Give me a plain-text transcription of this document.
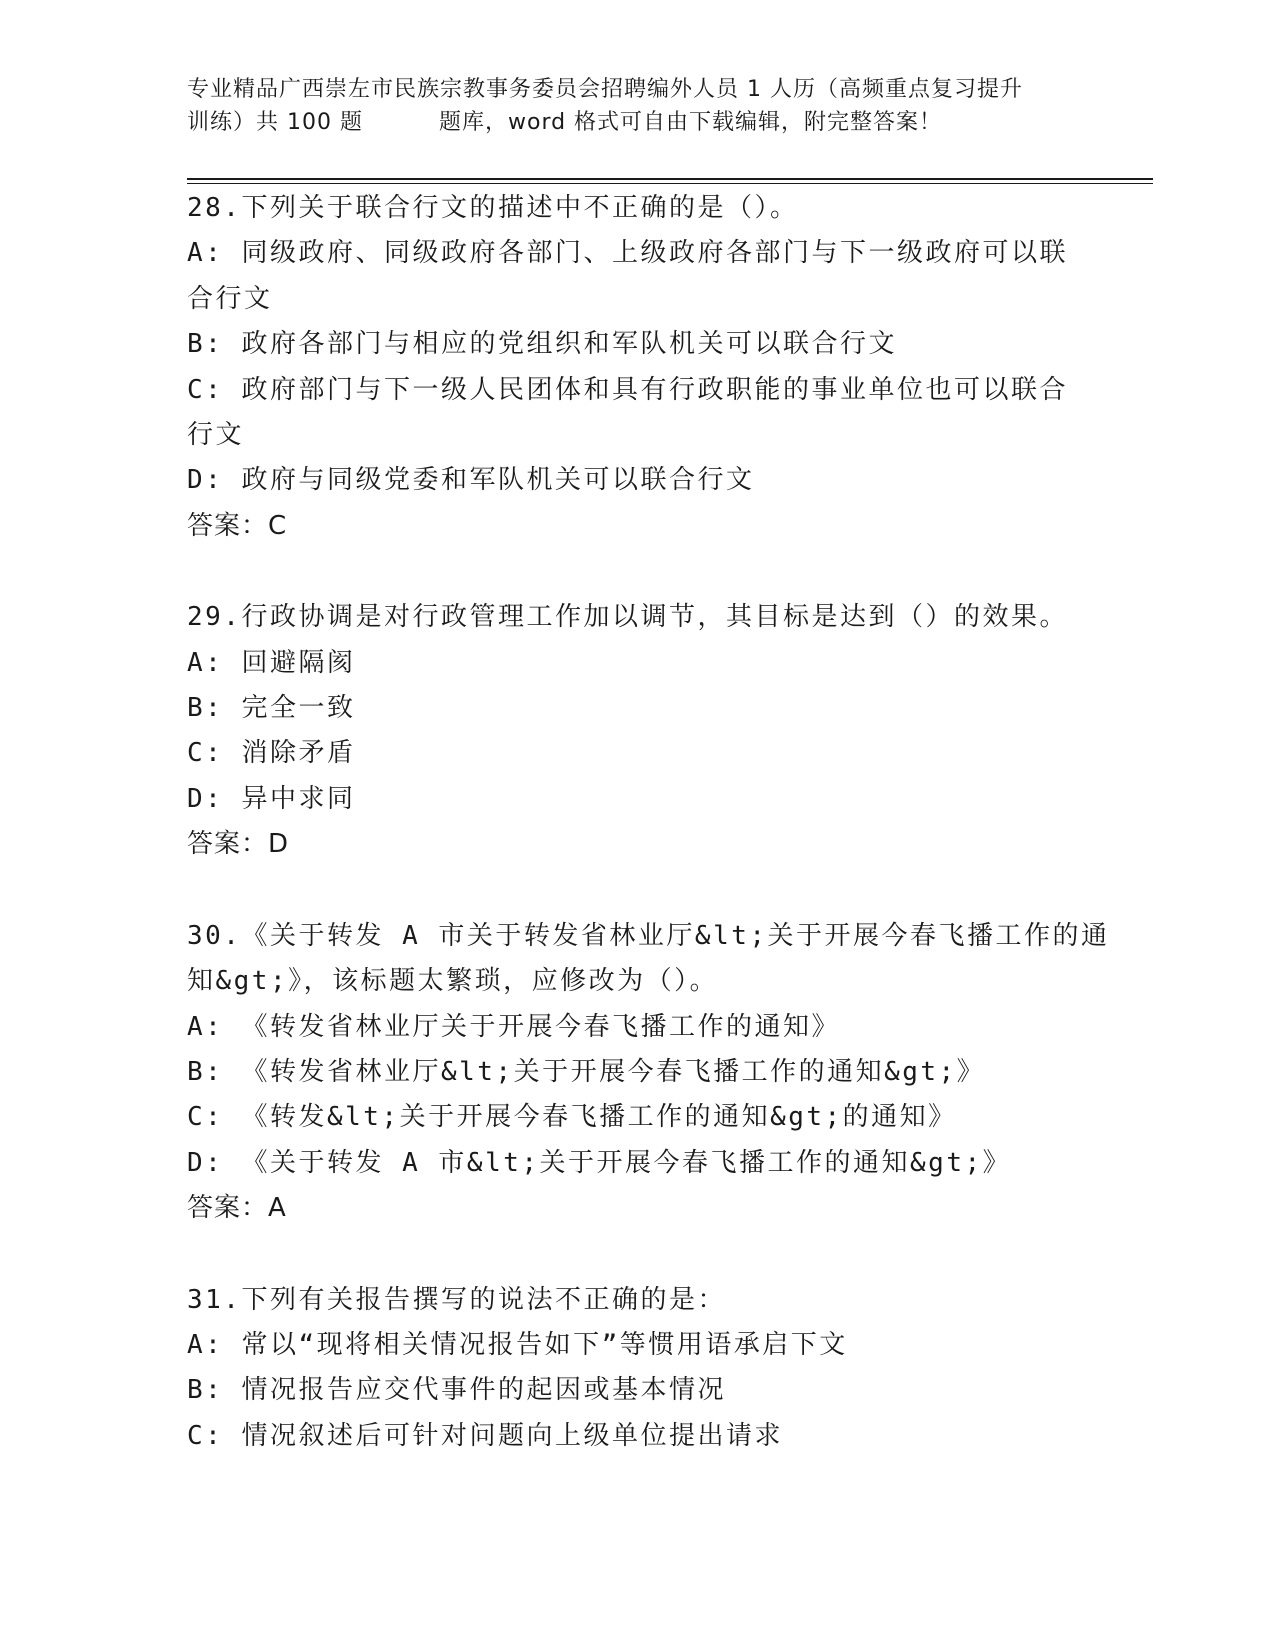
专业精品广西崇左市民族宗教事务委员会招聘编外人员 1 人历（高频重点复习提升
训练）共 100 题	题库，word 格式可自由下载编辑，附完整答案！
28.下列关于联合行文的描述中不正确的是（）。
A: 同级政府、同级政府各部门、上级政府各部门与下一级政府可以联
合行文
B: 政府各部门与相应的党组织和军队机关可以联合行文
C: 政府部门与下一级人民团体和具有行政职能的事业单位也可以联合
行文
D: 政府与同级党委和军队机关可以联合行文
答案：C
29.行政协调是对行政管理工作加以调节，其目标是达到（）的效果。
A: 回避隔阂
B: 完全一致
C: 消除矛盾
D: 异中求同
答案：D
30.《关于转发 A 市关于转发省林业厅&lt;关于开展今春飞播工作的通
知&gt;》，该标题太繁琐，应修改为（）。
A: 《转发省林业厅关于开展今春飞播工作的通知》
B: 《转发省林业厅&lt;关于开展今春飞播工作的通知&gt;》
C: 《转发&lt;关于开展今春飞播工作的通知&gt;的通知》
D: 《关于转发 A 市&lt;关于开展今春飞播工作的通知&gt;》
答案：A
31.下列有关报告撰写的说法不正确的是：
A: 常以“现将相关情况报告如下”等惯用语承启下文
B: 情况报告应交代事件的起因或基本情况
C: 情况叙述后可针对问题向上级单位提出请求
